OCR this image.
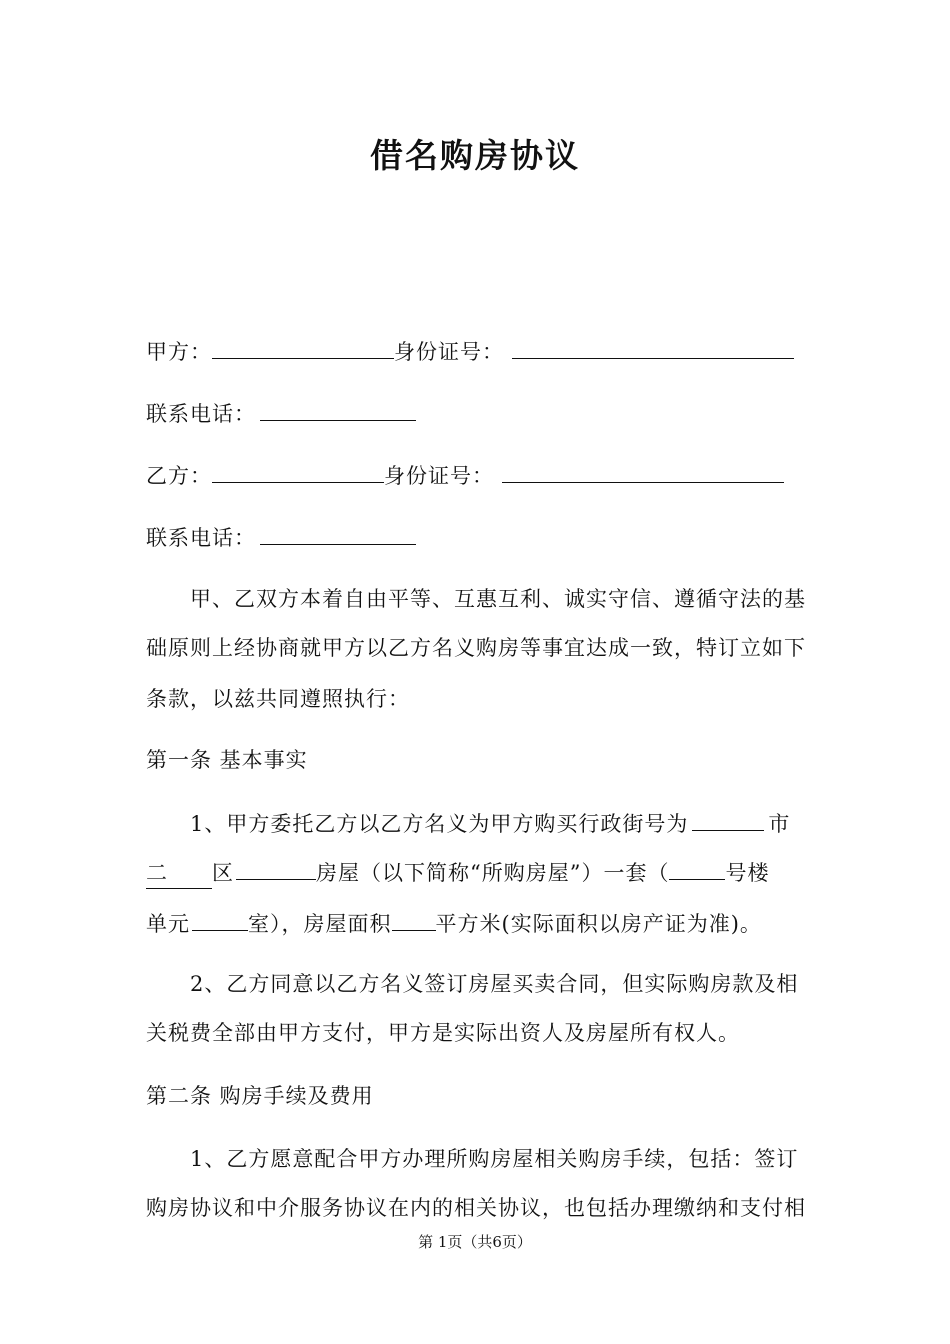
借名购房协议
甲方：	身份证号：
联系电话：
乙方：	身份证号：
联系电话：
甲、乙双方本着自由平等、互惠互利、诚实守信、遵循守法的基
础原则上经协商就甲方以乙方名义购房等事宜达成一致，特订立如下
条款，以兹共同遵照执行：
第一条 基本事实
1、甲方委托乙方以乙方名义为甲方购买行政街号为	市
二 区	房屋（以下简称“所购房屋”）一套（	号楼
单元	室），房屋面积 平方米(实际面积以房产证为准)。
2、乙方同意以乙方名义签订房屋买卖合同，但实际购房款及相
关税费全部由甲方支付，甲方是实际出资人及房屋所有权人。
第二条 购房手续及费用
1、乙方愿意配合甲方办理所购房屋相关购房手续，包括：签订
购房协议和中介服务协议在内的相关协议，也包括办理缴纳和支付相
第 1页（共6页）
